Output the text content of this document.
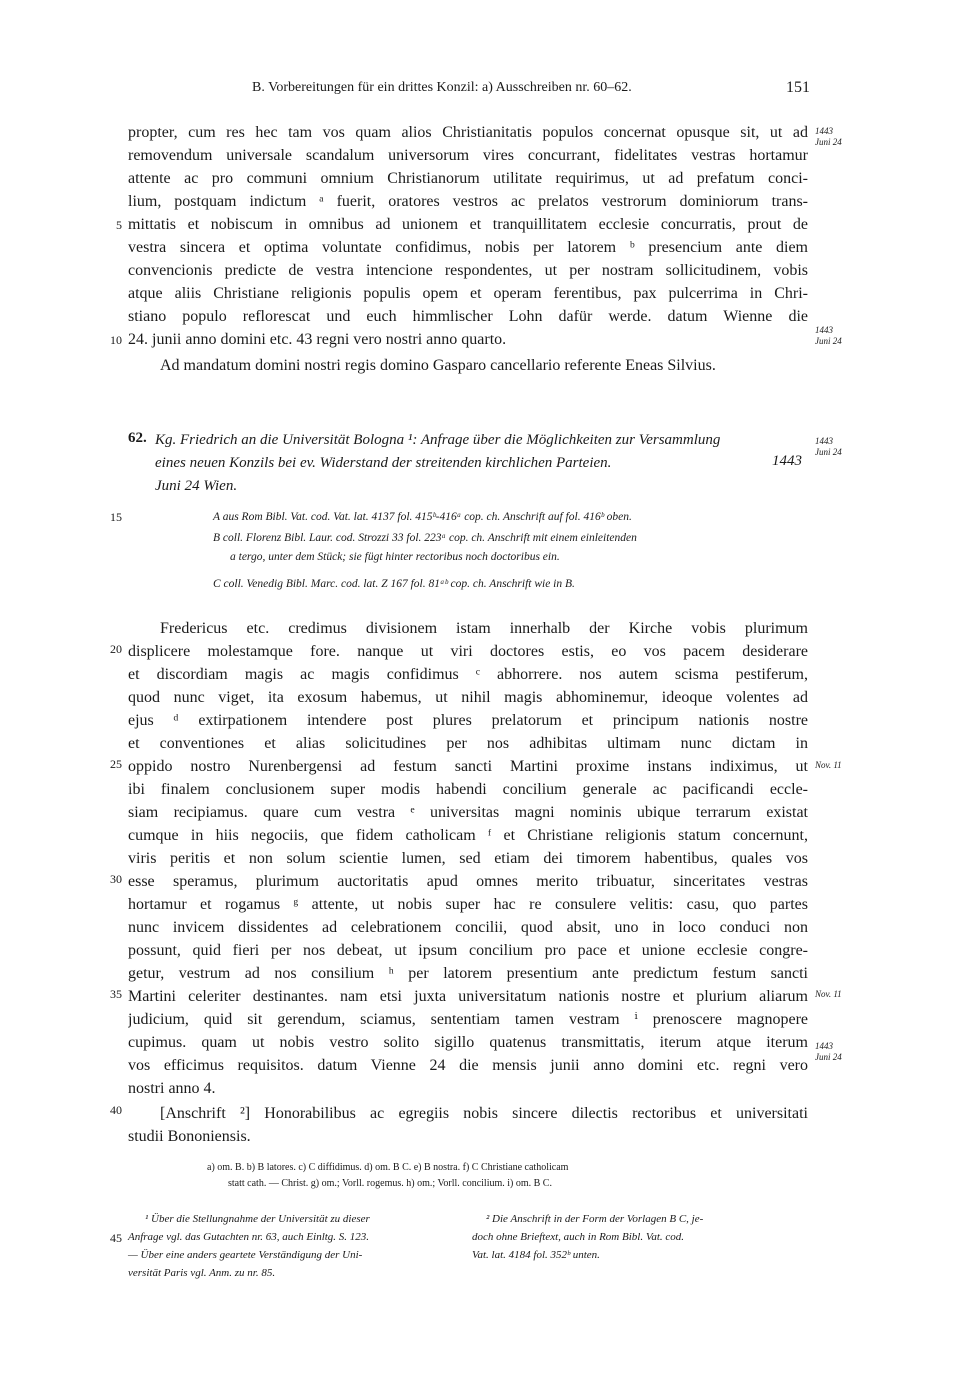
B. Vorbereitungen für ein drittes Konzil: a) Ausschreiben nr. 60–62.	151
propter, cum res hec tam vos quam alios Christianitatis populos concernat opusque sit, ut ad
removendum universale scandalum universorum vires concurrant, fidelitates vestras hortamur
attente ac pro communi omnium Christianorum utilitate requirimus, ut ad prefatum conci-
lium, postquam indictum ᵃ fuerit, oratores vestros ac prelatos vestrorum dominiorum trans-
mittatis et nobiscum in omnibus ad unionem et tranquillitatem ecclesie concurratis, prout de
vestra sincera et optima voluntate confidimus, nobis per latorem ᵇ presencium ante diem
convencionis predicte de vestra intencione respondentes, ut per nostram sollicitudinem, vobis
atque aliis Christiane religionis populis opem et operam ferentibus, pax pulcerrima in Chri-
stiano populo reflorescat und euch himmlischer Lohn dafür werde. datum Wienne die
24. junii anno domini etc. 43 regni vero nostri anno quarto.
Ad mandatum domini nostri regis domino Gasparo cancellario referente Eneas Silvius.
5
10
15
20
25
30
35
40
45
1443
Juni 24
1443
Juni 24
1443
Juni 24
Nov. 11
Nov. 11
1443
Juni 24
62. Kg. Friedrich an die Universität Bologna ¹: Anfrage über die Möglichkeiten zur Versammlung
eines neuen Konzils bei ev. Widerstand der streitenden kirchlichen Parteien.	1443
Juni 24 Wien.
A aus Rom Bibl. Vat. cod. Vat. lat. 4137 fol. 415ᵇ-416ᵃ cop. ch. Anschrift auf fol. 416ᵇ oben.
B coll. Florenz Bibl. Laur. cod. Strozzi 33 fol. 223ᵃ cop. ch. Anschrift mit einem einleitenden
a tergo, unter dem Stück; sie fügt hinter rectoribus noch doctoribus ein.
C coll. Venedig Bibl. Marc. cod. lat. Z 167 fol. 81ᵃᵇ cop. ch. Anschrift wie in B.
Fredericus etc. credimus divisionem istam innerhalb der Kirche vobis plurimum
displicere molestamque fore. nanque ut viri doctores estis, eo vos pacem desiderare
et discordiam magis ac magis confidimus ᶜ abhorrere. nos autem scisma pestiferum,
quod nunc viget, ita exosum habemus, ut nihil magis abhominemur, ideoque volentes ad
ejus ᵈ extirpationem intendere post plures prelatorum et principum nationis nostre
et conventiones et alias solicitudines per nos adhibitas ultimam nunc dictam in
oppido nostro Nurenbergensi ad festum sancti Martini proxime instans indiximus, ut
ibi finalem conclusionem super modis habendi concilium generale ac pacificandi eccle-
siam recipiamus. quare cum vestra ᵉ universitas magni nominis ubique terrarum existat
cumque in hiis negociis, que fidem catholicam ᶠ et Christiane religionis statum concernunt,
viris peritis et non solum scientie lumen, sed etiam dei timorem habentibus, quales vos
esse speramus, plurimum auctoritatis apud omnes merito tribuatur, sinceritates vestras
hortamur et rogamus ᵍ attente, ut nobis super hac re consulere velitis: casu, quo partes
nunc invicem dissidentes ad celebrationem concilii, quod absit, uno in loco conduci non
possunt, quid fieri per nos debeat, ut ipsum concilium pro pace et unione ecclesie congre-
getur, vestrum ad nos consilium ʰ per latorem presentium ante predictum festum sancti
Martini celeriter destinantes. nam etsi juxta universitatum nationis nostre et plurium aliarum
judicium, quid sit gerendum, sciamus, sententiam tamen vestram ⁱ prenoscere magnopere
cupimus. quam ut nobis vestro solito sigillo quatenus transmittatis, iterum atque iterum
vos efficimus requisitos. datum Vienne 24 die mensis junii anno domini etc. regni vero
nostri anno 4.
[Anschrift ²] Honorabilibus ac egregiis nobis sincere dilectis rectoribus et universitati
studii Bononiensis.
a) om. B. b) B latores. c) C diffidimus. d) om. B C. e) B nostra. f) C Christiane catholicam
statt cath. — Christ. g) om.; Vorll. rogemus. h) om.; Vorll. concilium. i) om. B C.
¹ Über die Stellungnahme der Universität zu dieser
Anfrage vgl. das Gutachten nr. 63, auch Einltg. S. 123.
— Über eine anders geartete Verständigung der Uni-
versität Paris vgl. Anm. zu nr. 85.
² Die Anschrift in der Form der Vorlagen B C, je-
doch ohne Brieftext, auch in Rom Bibl. Vat. cod.
Vat. lat. 4184 fol. 352ᵇ unten.
